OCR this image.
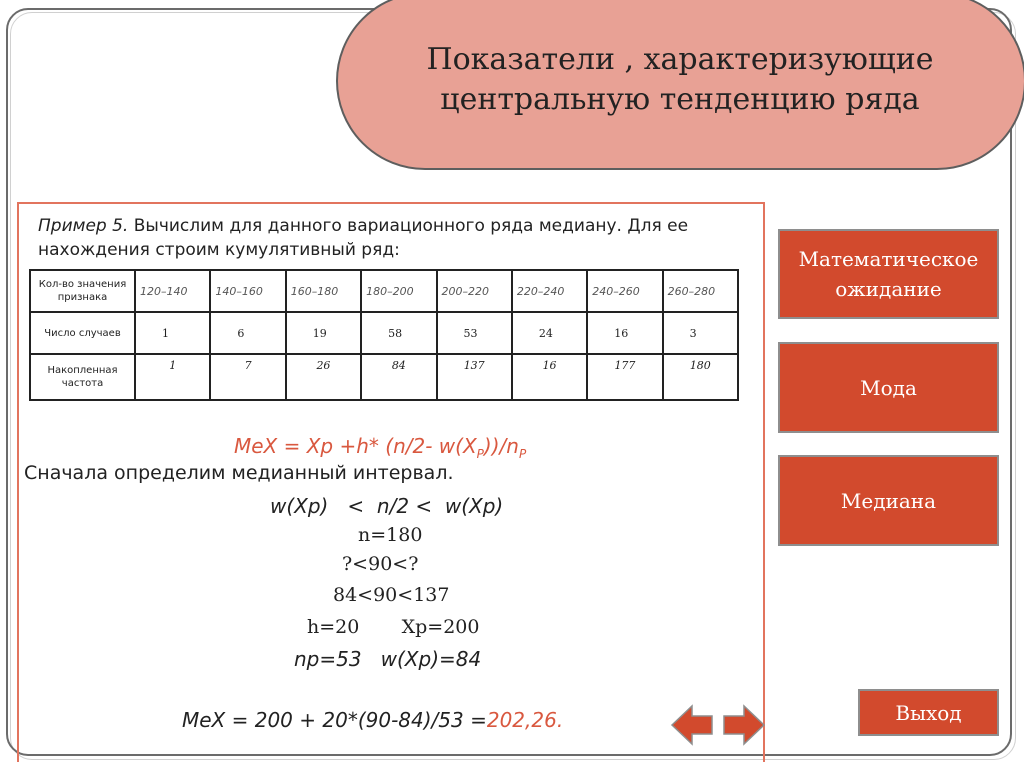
Показатели , характеризующие
центральную тенденцию ряда
Пример 5. Вычислим для данного вариационного ряда медиану. Для ее нахождения строим кумулятивный ряд:
Кол-во значения признака	120–140	140–160	160–180	180–200	200–220	220–240	240–260	260–280
Число случаев	1	6	19	58	53	24	16	3
Накопленная частота	1	7	26	84	137	16	177	180
MeX = Xp +h* (n/2- $w(X_P))/n_P$
Сначала определим медианный интервал.
w(Xp)   <  n/2 <  w(Xp)
n=180
?<90<?
84<90<137
h=20       Xp=200
np=53   w(Xp)=84
MeX = 200 + 20*(90-84)/53 =202,26.
Математическое ожидание
Мода
Медиана
Выход
